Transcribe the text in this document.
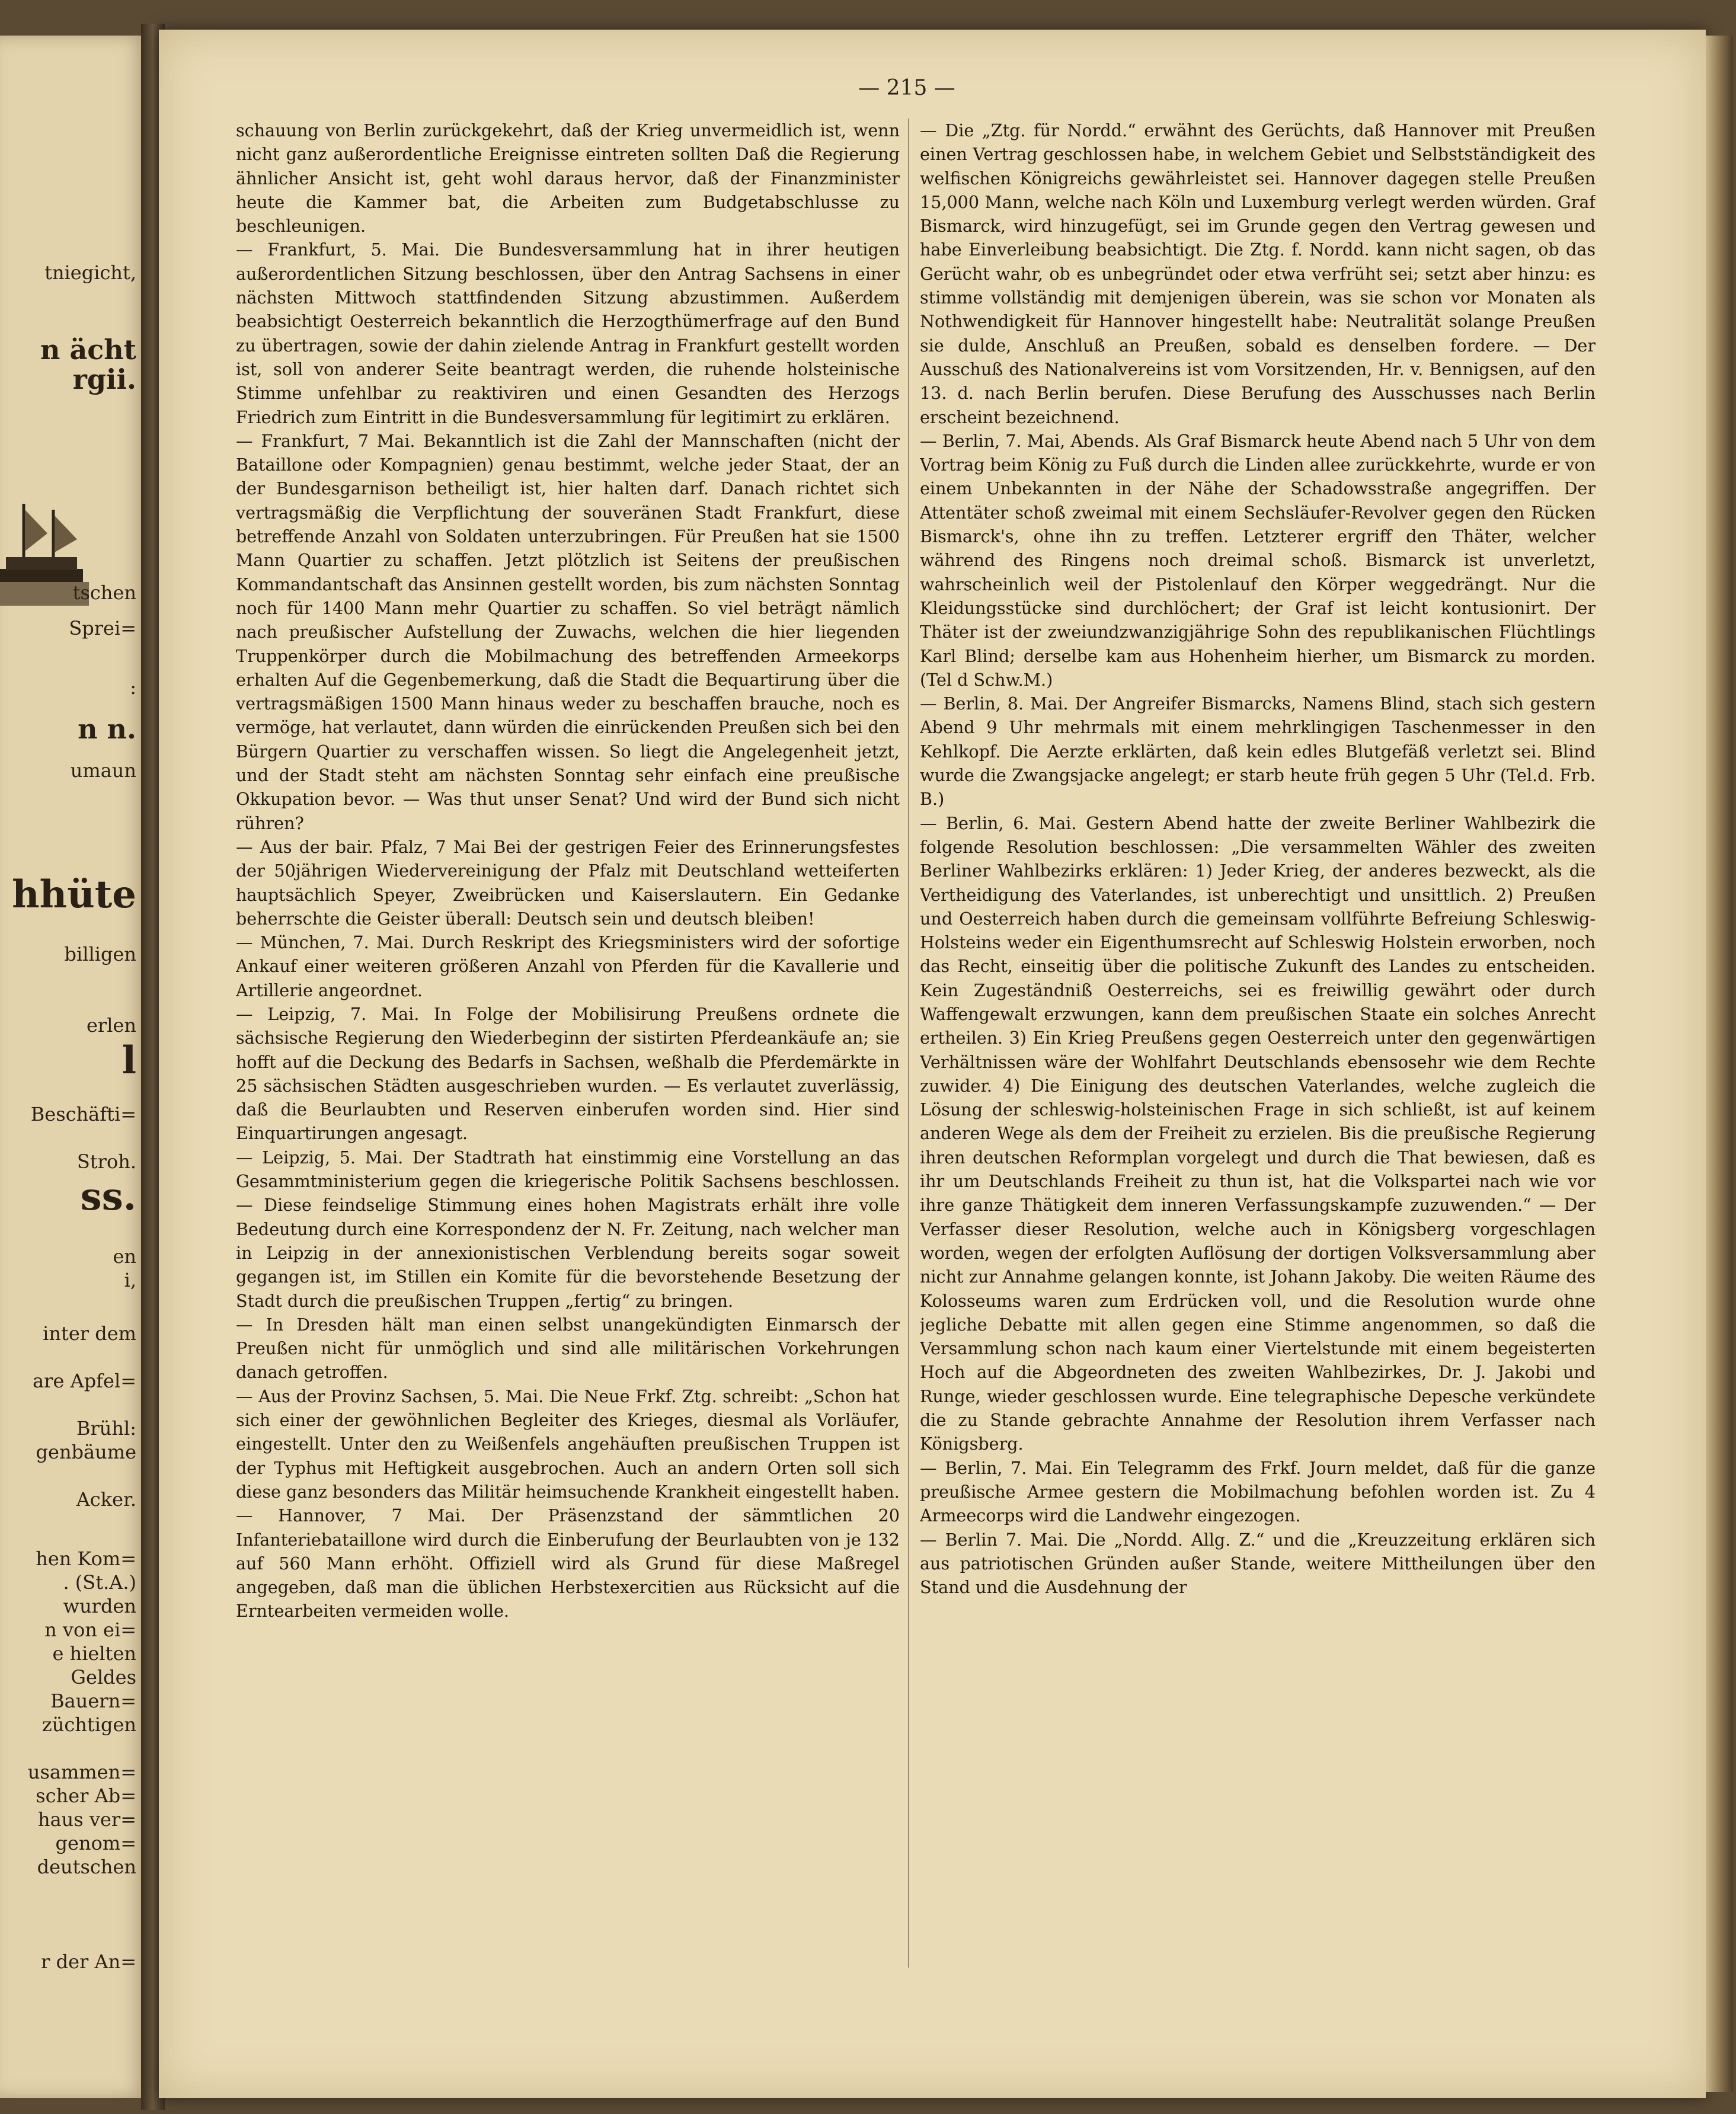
tniegicht,
n ächt
rgii.
tschen
Sprei=
:
n n.
umaun
hhüte
billigen
erlen
l
Beschäfti=
Stroh.
ss.
en
i,
inter dem
are Apfel=
Brühl:
genbäume
Acker.
hen Kom=
. (St.A.)
wurden
n von ei=
e hielten
Geldes
Bauern=
züchtigen
usammen=
scher Ab=
haus ver=
genom=
deutschen
r der An=
— 215 —

schauung von Berlin zurückgekehrt, daß der Krieg unvermeidlich ist, wenn nicht ganz außerordentliche Ereignisse eintreten sollten Daß die Regierung ähnlicher Ansicht ist, geht wohl daraus hervor, daß der Finanzminister heute die Kammer bat, die Arbeiten zum Budgetabschlusse zu beschleunigen.

— Frankfurt, 5. Mai. Die Bundesversammlung hat in ihrer heutigen außerordentlichen Sitzung beschlossen, über den Antrag Sachsens in einer nächsten Mittwoch stattfindenden Sitzung abzustimmen. Außerdem beabsichtigt Oesterreich bekanntlich die Herzogthümerfrage auf den Bund zu übertragen, sowie der dahin zielende Antrag in Frankfurt gestellt worden ist, soll von anderer Seite beantragt werden, die ruhende holsteinische Stimme unfehlbar zu reaktiviren und einen Gesandten des Herzogs Friedrich zum Eintritt in die Bundesversammlung für legitimirt zu erklären.

— Frankfurt, 7 Mai. Bekanntlich ist die Zahl der Mannschaften (nicht der Bataillone oder Kompagnien) genau bestimmt, welche jeder Staat, der an der Bundesgarnison betheiligt ist, hier halten darf. Danach richtet sich vertragsmäßig die Verpflichtung der souveränen Stadt Frankfurt, diese betreffende Anzahl von Soldaten unterzubringen. Für Preußen hat sie 1500 Mann Quartier zu schaffen. Jetzt plötzlich ist Seitens der preußischen Kommandantschaft das Ansinnen gestellt worden, bis zum nächsten Sonntag noch für 1400 Mann mehr Quartier zu schaffen. So viel beträgt nämlich nach preußischer Aufstellung der Zuwachs, welchen die hier liegenden Truppenkörper durch die Mobilmachung des betreffenden Armeekorps erhalten Auf die Gegenbemerkung, daß die Stadt die Bequartirung über die vertragsmäßigen 1500 Mann hinaus weder zu beschaffen brauche, noch es vermöge, hat verlautet, dann würden die einrückenden Preußen sich bei den Bürgern Quartier zu verschaffen wissen. So liegt die Angelegenheit jetzt, und der Stadt steht am nächsten Sonntag sehr einfach eine preußische Okkupation bevor. — Was thut unser Senat? Und wird der Bund sich nicht rühren?

— Aus der bair. Pfalz, 7 Mai Bei der gestrigen Feier des Erinnerungsfestes der 50jährigen Wiedervereinigung der Pfalz mit Deutschland wetteiferten hauptsächlich Speyer, Zweibrücken und Kaiserslautern. Ein Gedanke beherrschte die Geister überall: Deutsch sein und deutsch bleiben!

— München, 7. Mai. Durch Reskript des Kriegsministers wird der sofortige Ankauf einer weiteren größeren Anzahl von Pferden für die Kavallerie und Artillerie angeordnet.

— Leipzig, 7. Mai. In Folge der Mobilisirung Preußens ordnete die sächsische Regierung den Wiederbeginn der sistirten Pferdeankäufe an; sie hofft auf die Deckung des Bedarfs in Sachsen, weßhalb die Pferdemärkte in 25 sächsischen Städten ausgeschrieben wurden. — Es verlautet zuverlässig, daß die Beurlaubten und Reserven einberufen worden sind. Hier sind Einquartirungen angesagt.

— Leipzig, 5. Mai. Der Stadtrath hat einstimmig eine Vorstellung an das Gesammtministerium gegen die kriegerische Politik Sachsens beschlossen. — Diese feindselige Stimmung eines hohen Magistrats erhält ihre volle Bedeutung durch eine Korrespondenz der N. Fr. Zeitung, nach welcher man in Leipzig in der annexionistischen Verblendung bereits sogar soweit gegangen ist, im Stillen ein Komite für die bevorstehende Besetzung der Stadt durch die preußischen Truppen „fertig“ zu bringen.

— In Dresden hält man einen selbst unangekündigten Einmarsch der Preußen nicht für unmöglich und sind alle militärischen Vorkehrungen danach getroffen.

— Aus der Provinz Sachsen, 5. Mai. Die Neue Frkf. Ztg. schreibt: „Schon hat sich einer der gewöhnlichen Begleiter des Krieges, diesmal als Vorläufer, eingestellt. Unter den zu Weißenfels angehäuften preußischen Truppen ist der Typhus mit Heftigkeit ausgebrochen. Auch an andern Orten soll sich diese ganz besonders das Militär heimsuchende Krankheit eingestellt haben.

— Hannover, 7 Mai. Der Präsenzstand der sämmtlichen 20 Infanteriebataillone wird durch die Einberufung der Beurlaubten von je 132 auf 560 Mann erhöht. Offiziell wird als Grund für diese Maßregel angegeben, daß man die üblichen Herbstexercitien aus Rücksicht auf die Erntearbeiten vermeiden wolle.

— Die „Ztg. für Nordd.“ erwähnt des Gerüchts, daß Hannover mit Preußen einen Vertrag geschlossen habe, in welchem Gebiet und Selbstständigkeit des welfischen Königreichs gewährleistet sei. Hannover dagegen stelle Preußen 15,000 Mann, welche nach Köln und Luxemburg verlegt werden würden. Graf Bismarck, wird hinzugefügt, sei im Grunde gegen den Vertrag gewesen und habe Einverleibung beabsichtigt. Die Ztg. f. Nordd. kann nicht sagen, ob das Gerücht wahr, ob es unbegründet oder etwa verfrüht sei; setzt aber hinzu: es stimme vollständig mit demjenigen überein, was sie schon vor Monaten als Nothwendigkeit für Hannover hingestellt habe: Neutralität solange Preußen sie dulde, Anschluß an Preußen, sobald es denselben fordere. — Der Ausschuß des Nationalvereins ist vom Vorsitzenden, Hr. v. Bennigsen, auf den 13. d. nach Berlin berufen. Diese Berufung des Ausschusses nach Berlin erscheint bezeichnend.

— Berlin, 7. Mai, Abends. Als Graf Bismarck heute Abend nach 5 Uhr von dem Vortrag beim König zu Fuß durch die Linden allee zurückkehrte, wurde er von einem Unbekannten in der Nähe der Schadowsstraße angegriffen. Der Attentäter schoß zweimal mit einem Sechsläufer-Revolver gegen den Rücken Bismarck's, ohne ihn zu treffen. Letzterer ergriff den Thäter, welcher während des Ringens noch dreimal schoß. Bismarck ist unverletzt, wahrscheinlich weil der Pistolenlauf den Körper weggedrängt. Nur die Kleidungsstücke sind durchlöchert; der Graf ist leicht kontusionirt. Der Thäter ist der zweiundzwanzigjährige Sohn des republikanischen Flüchtlings Karl Blind; derselbe kam aus Hohenheim hierher, um Bismarck zu morden. (Tel d Schw.M.)

— Berlin, 8. Mai. Der Angreifer Bismarcks, Namens Blind, stach sich gestern Abend 9 Uhr mehrmals mit einem mehrklingigen Taschenmesser in den Kehlkopf. Die Aerzte erklärten, daß kein edles Blutgefäß verletzt sei. Blind wurde die Zwangsjacke angelegt; er starb heute früh gegen 5 Uhr (Tel.d. Frb. B.)

— Berlin, 6. Mai. Gestern Abend hatte der zweite Berliner Wahlbezirk die folgende Resolution beschlossen: „Die versammelten Wähler des zweiten Berliner Wahlbezirks erklären: 1) Jeder Krieg, der anderes bezweckt, als die Vertheidigung des Vaterlandes, ist unberechtigt und unsittlich. 2) Preußen und Oesterreich haben durch die gemeinsam vollführte Befreiung Schleswig-Holsteins weder ein Eigenthumsrecht auf Schleswig Holstein erworben, noch das Recht, einseitig über die politische Zukunft des Landes zu entscheiden. Kein Zugeständniß Oesterreichs, sei es freiwillig gewährt oder durch Waffengewalt erzwungen, kann dem preußischen Staate ein solches Anrecht ertheilen. 3) Ein Krieg Preußens gegen Oesterreich unter den gegenwärtigen Verhältnissen wäre der Wohlfahrt Deutschlands ebensosehr wie dem Rechte zuwider. 4) Die Einigung des deutschen Vaterlandes, welche zugleich die Lösung der schleswig-holsteinischen Frage in sich schließt, ist auf keinem anderen Wege als dem der Freiheit zu erzielen. Bis die preußische Regierung ihren deutschen Reformplan vorgelegt und durch die That bewiesen, daß es ihr um Deutschlands Freiheit zu thun ist, hat die Volkspartei nach wie vor ihre ganze Thätigkeit dem inneren Verfassungskampfe zuzuwenden.“ — Der Verfasser dieser Resolution, welche auch in Königsberg vorgeschlagen worden, wegen der erfolgten Auflösung der dortigen Volksversammlung aber nicht zur Annahme gelangen konnte, ist Johann Jakoby. Die weiten Räume des Kolosseums waren zum Erdrücken voll, und die Resolution wurde ohne jegliche Debatte mit allen gegen eine Stimme angenommen, so daß die Versammlung schon nach kaum einer Viertelstunde mit einem begeisterten Hoch auf die Abgeordneten des zweiten Wahlbezirkes, Dr. J. Jakobi und Runge, wieder geschlossen wurde. Eine telegraphische Depesche verkündete die zu Stande gebrachte Annahme der Resolution ihrem Verfasser nach Königsberg.

— Berlin, 7. Mai. Ein Telegramm des Frkf. Journ meldet, daß für die ganze preußische Armee gestern die Mobilmachung befohlen worden ist. Zu 4 Armeecorps wird die Landwehr eingezogen.

— Berlin 7. Mai. Die „Nordd. Allg. Z.“ und die „Kreuzzeitung erklären sich aus patriotischen Gründen außer Stande, weitere Mittheilungen über den Stand und die Ausdehnung der
